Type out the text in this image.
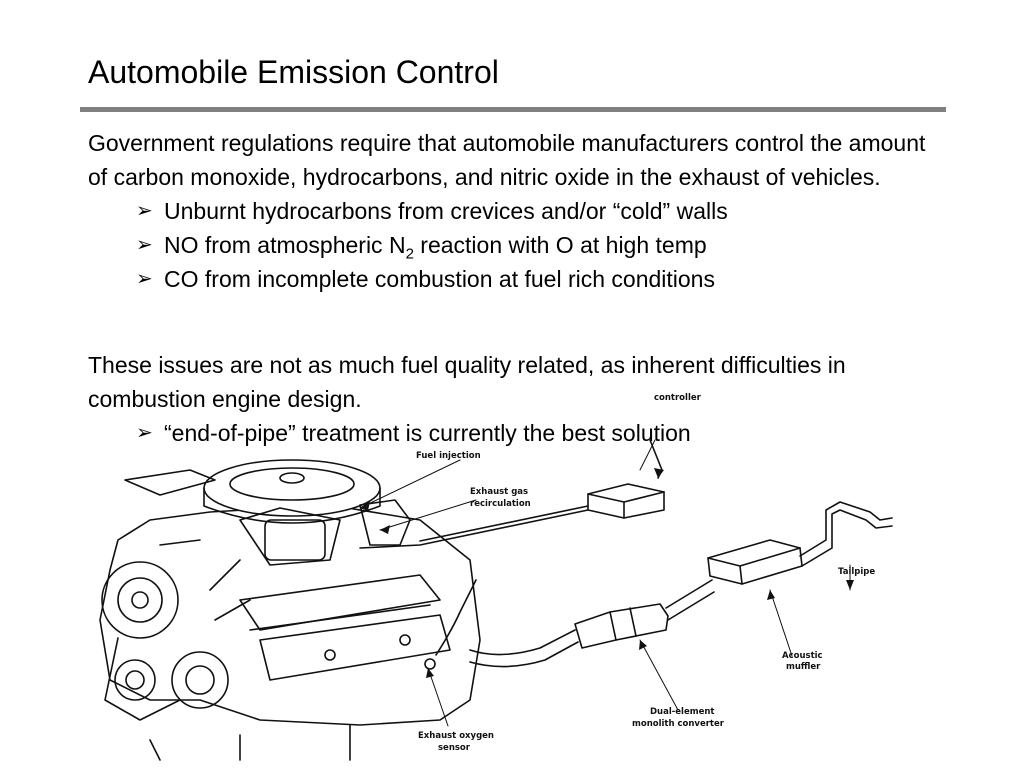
Automobile Emission Control
Government regulations require that automobile manufacturers control the amount of carbon monoxide, hydrocarbons, and nitric oxide in the exhaust of vehicles.
➢ Unburnt hydrocarbons from crevices and/or “cold” walls
➢ NO from atmospheric $N_2$ reaction with O at high temp
➢ CO from incomplete combustion at fuel rich conditions
These issues are not as much fuel quality related, as inherent difficulties in combustion engine design.
➢ “end-of-pipe” treatment is currently the best solution
controller
Fuel injection
Exhaust gas
recirculation
Tailpipe
Acoustic
muffler
Dual-element
monolith converter
Exhaust oxygen
sensor
